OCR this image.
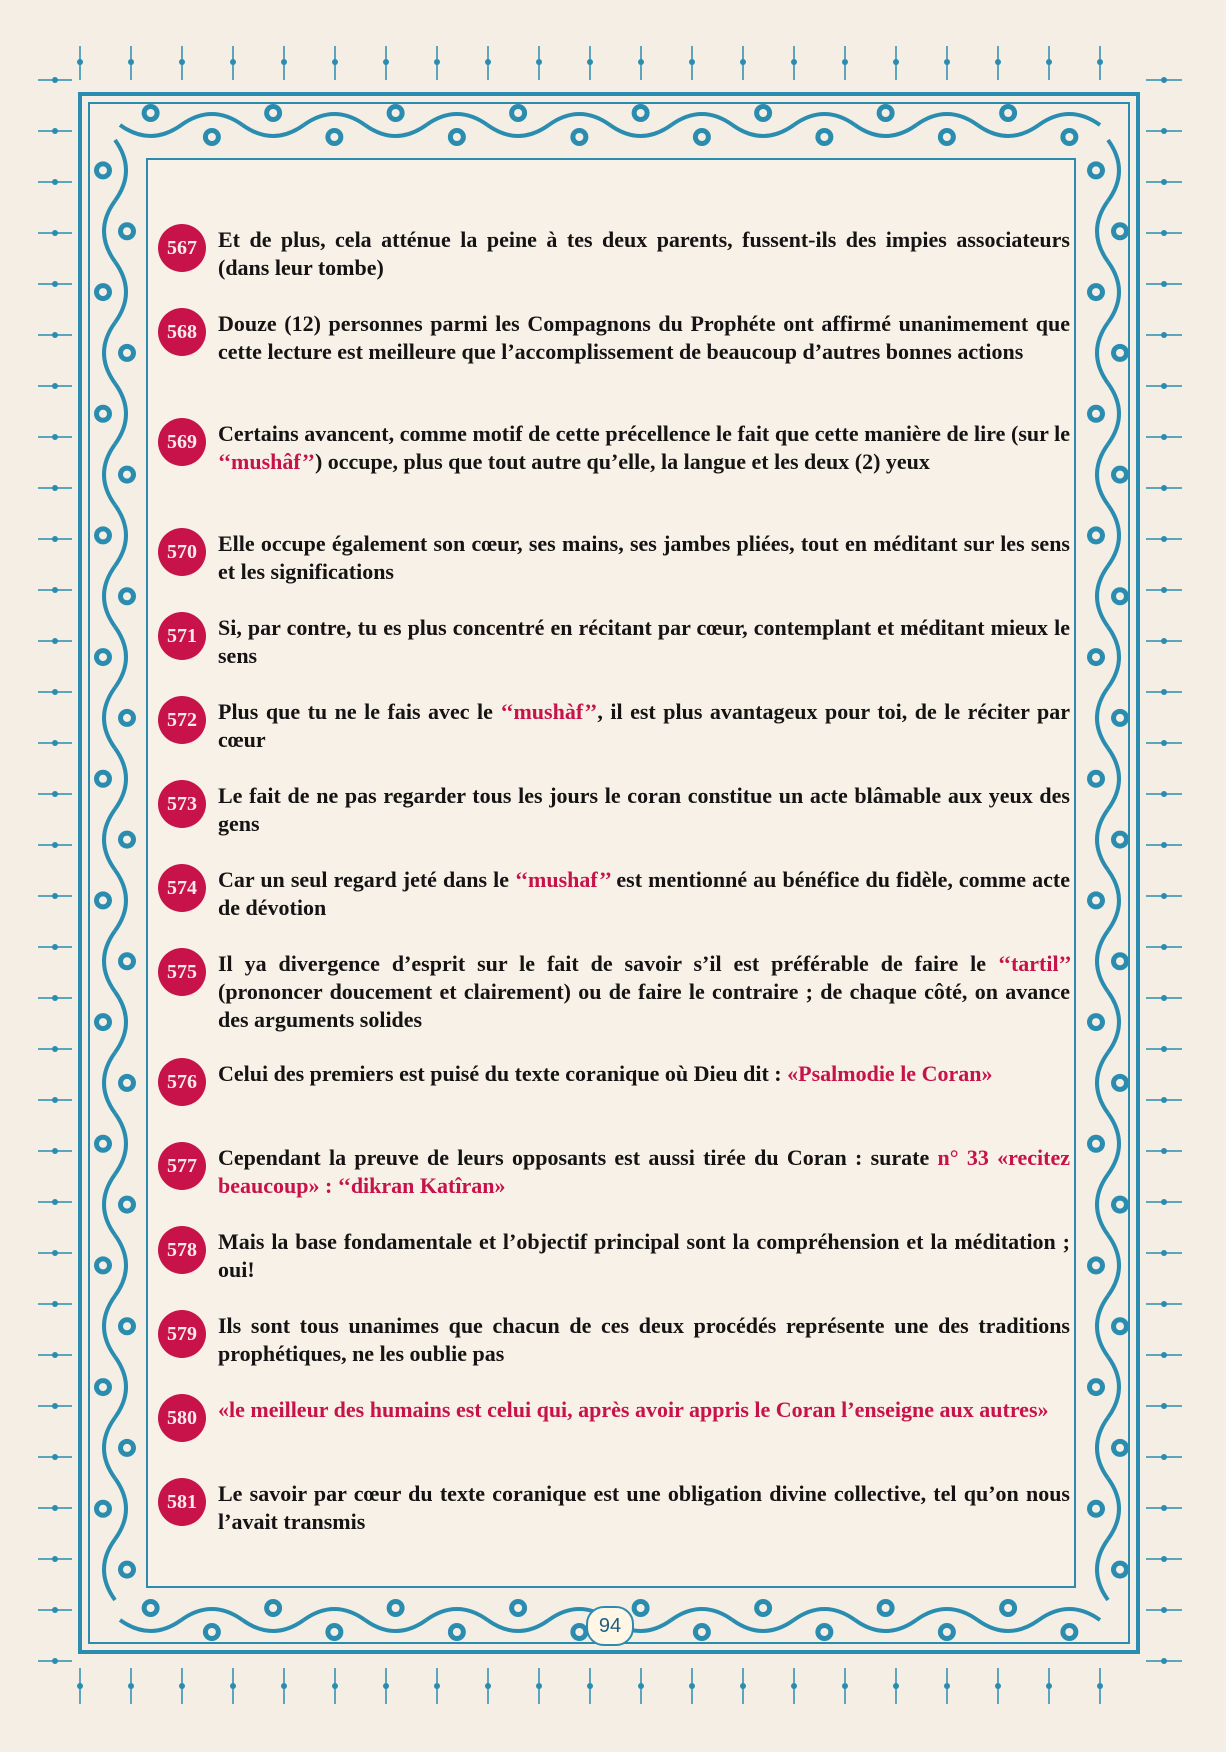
567 Et de plus, cela atténue la peine à tes deux parents, fussent-ils des impies associateurs (dans leur tombe)
568 Douze (12) personnes parmi les Compagnons du Prophéte ont affirmé unanimement que cette lecture est meilleure que l’accomplissement de beaucoup d’autres bonnes actions
569 Certains avancent, comme motif de cette précellence le fait que cette manière de lire (sur le ‘‘mushâf’’) occupe, plus que tout autre qu’elle, la langue et les deux (2) yeux
570 Elle occupe également son cœur, ses mains, ses jambes pliées, tout en méditant sur les sens et les significations
571 Si, par contre, tu es plus concentré en récitant par cœur, contemplant et méditant mieux le sens
572 Plus que tu ne le fais avec le ‘‘mushàf’’, il est plus avantageux pour toi, de le réciter par cœur
573 Le fait de ne pas regarder tous les jours le coran constitue un acte blâmable aux yeux des gens
574 Car un seul regard jeté dans le ‘‘mushaf’’ est mentionné au bénéfice du fidèle, comme acte de dévotion
575 Il ya divergence d’esprit sur le fait de savoir s’il est préférable de faire le ‘‘tartil’’ (prononcer doucement et clairement) ou de faire le contraire ; de chaque côté, on avance des arguments solides
576 Celui des premiers est puisé du texte coranique où Dieu dit : «Psalmodie le Coran»
577 Cependant la preuve de leurs opposants est aussi tirée du Coran : surate n° 33 «recitez beaucoup» : ‘‘dikran Katîran»
578 Mais la base fondamentale et l’objectif principal sont la compréhension et la méditation ; oui!
579 Ils sont tous unanimes que chacun de ces deux procédés représente une des traditions prophétiques, ne les oublie pas
580 «le meilleur des humains est celui qui, après avoir appris le Coran l’enseigne aux autres»
581 Le savoir par cœur du texte coranique est une obligation divine collective, tel qu’on nous l’avait transmis
94
